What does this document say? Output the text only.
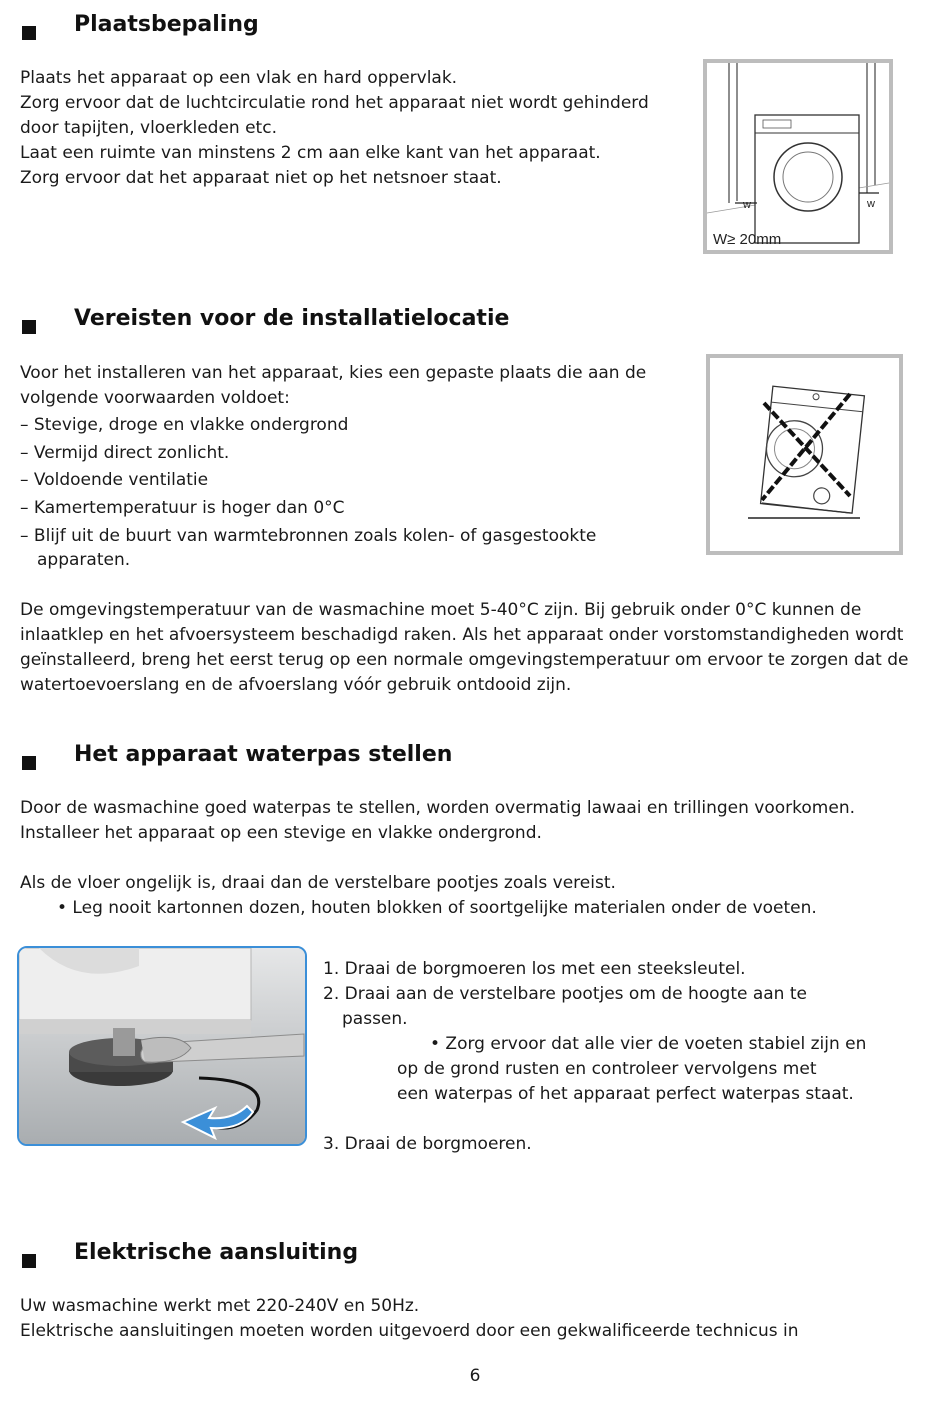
Plaatsbepaling
Plaats het apparaat op een vlak en hard oppervlak.
Zorg ervoor dat de luchtcirculatie rond het apparaat niet wordt gehinderd
door tapijten, vloerkleden etc.
Laat een ruimte van minstens 2 cm aan elke kant van het apparaat.
Zorg ervoor dat het apparaat niet op het netsnoer staat.
w	w
W≥ 20mm
Vereisten voor de installatielocatie
Voor het installeren van het apparaat, kies een gepaste plaats die aan de
volgende voorwaarden voldoet:
– Stevige, droge en vlakke ondergrond
– Vermijd direct zonlicht.
– Voldoende ventilatie
– Kamertemperatuur is hoger dan 0°C
– Blijf uit de buurt van warmtebronnen zoals kolen- of gasgestookte
apparaten.
De omgevingstemperatuur van de wasmachine moet 5-40°C zijn. Bij gebruik onder 0°C kunnen de
inlaatklep en het afvoersysteem beschadigd raken. Als het apparaat onder vorstomstandigheden wordt
geïnstalleerd, breng het eerst terug op een normale omgevingstemperatuur om ervoor te zorgen dat de
watertoevoerslang en de afvoerslang vóór gebruik ontdooid zijn.
Het apparaat waterpas stellen
Door de wasmachine goed waterpas te stellen, worden overmatig lawaai en trillingen voorkomen.
Installeer het apparaat op een stevige en vlakke ondergrond.
Als de vloer ongelijk is, draai dan de verstelbare pootjes zoals vereist.
• Leg nooit kartonnen dozen, houten blokken of soortgelijke materialen onder de voeten.
1. Draai de borgmoeren los met een steeksleutel.
2. Draai aan de verstelbare pootjes om de hoogte aan te
passen.
• Zorg ervoor dat alle vier de voeten stabiel zijn en
op de grond rusten en controleer vervolgens met
een waterpas of het apparaat perfect waterpas staat.
3. Draai de borgmoeren.
Elektrische aansluiting
Uw wasmachine werkt met 220-240V en 50Hz.
Elektrische aansluitingen moeten worden uitgevoerd door een gekwalificeerde technicus in
6
